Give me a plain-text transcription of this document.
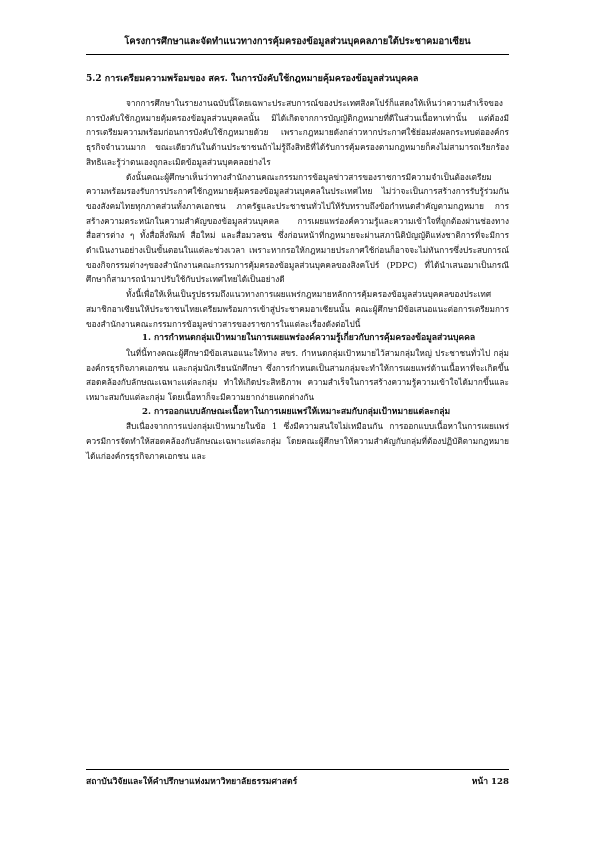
โครงการศึกษาและจัดทำแนวทางการคุ้มครองข้อมูลส่วนบุคคลภายใต้ประชาคมอาเซียน
5.2 การเตรียมความพร้อมของ สคร. ในการบังคับใช้กฎหมายคุ้มครองข้อมูลส่วนบุคคล

จากการศึกษาในรายงานฉบับนี้โดยเฉพาะประสบการณ์ของประเทศสิงคโปร์ก็แสดงให้เห็นว่าความสำเร็จของการบังคับใช้กฎหมายคุ้มครองข้อมูลส่วนบุคคลนั้น มิได้เกิดจากการบัญญัติกฎหมายที่ดีในส่วนเนื้อหาเท่านั้น แต่ต้องมีการเตรียมความพร้อมก่อนการบังคับใช้กฎหมายด้วย เพราะกฎหมายดังกล่าวหากประกาศใช้ย่อมส่งผลกระทบต่อองค์กรธุรกิจจำนวนมาก ขณะเดียวกันในด้านประชาชนถ้าไม่รู้ถึงสิทธิที่ได้รับการคุ้มครองตามกฎหมายก็คงไม่สามารถเรียกร้องสิทธิและรู้ว่าตนเองถูกละเมิดข้อมูลส่วนบุคคลอย่างไร

ดังนั้นคณะผู้ศึกษาเห็นว่าทางสำนักงานคณะกรรมการข้อมูลข่าวสารของราชการมีความจำเป็นต้องเตรียมความพร้อมรองรับการประกาศใช้กฎหมายคุ้มครองข้อมูลส่วนบุคคลในประเทศไทย ไม่ว่าจะเป็นการสร้างการรับรู้ร่วมกันของสังคมไทยทุกภาคส่วนทั้งภาคเอกชน ภาครัฐและประชาชนทั่วไปให้รับทราบถึงข้อกำหนดสำคัญตามกฎหมาย การสร้างความตระหนักในความสำคัญของข้อมูลส่วนบุคคล การเผยแพร่องค์ความรู้และความเข้าใจที่ถูกต้องผ่านช่องทางสื่อสารต่าง ๆ ทั้งสื่อสิ่งพิมพ์ สื่อใหม่ และสื่อมวลชน ซึ่งก่อนหน้าที่กฎหมายจะผ่านสภานิติบัญญัติแห่งชาติการที่จะมีการดำเนินงานอย่างเป็นขั้นตอนในแต่ละช่วงเวลา เพราะหากรอให้กฎหมายประกาศใช้ก่อนก็อาจจะไม่ทันการซึ่งประสบการณ์ของกิจกรรมต่างๆของสำนักงานคณะกรรมการคุ้มครองข้อมูลส่วนบุคคลของสิงคโปร์ (PDPC) ที่ได้นำเสนอมาเป็นกรณีศึกษาก็สามารถนำมาปรับใช้กับประเทศไทยได้เป็นอย่างดี

ทั้งนี้เพื่อให้เห็นเป็นรูปธรรมถึงแนวทางการเผยแพร่กฎหมายหลักการคุ้มครองข้อมูลส่วนบุคคลของประเทศสมาชิกอาเซียนให้ประชาชนไทยเตรียมพร้อมการเข้าสู่ประชาคมอาเซียนนั้น คณะผู้ศึกษามีข้อเสนอแนะต่อการเตรียมการของสำนักงานคณะกรรมการข้อมูลข่าวสารของราชการในแต่ละเรื่องดังต่อไปนี้

1. การกำหนดกลุ่มเป้าหมายในการเผยแพร่องค์ความรู้เกี่ยวกับการคุ้มครองข้อมูลส่วนบุคคล

ในที่นี้ทางคณะผู้ศึกษามีข้อเสนอแนะให้ทาง สขร. กำหนดกลุ่มเป้าหมายไว้สามกลุ่มใหญ่ ประชาชนทั่วไป กลุ่มองค์กรธุรกิจภาคเอกชน และกลุ่มนักเรียนนักศึกษา ซึ่งการกำหนดเป็นสามกลุ่มจะทำให้การเผยแพร่ด้านเนื้อหาที่จะเกิดขึ้นสอดคล้องกับลักษณะเฉพาะแต่ละกลุ่ม ทำให้เกิดประสิทธิภาพ ความสำเร็จในการสร้างความรู้ความเข้าใจได้มากขึ้นและเหมาะสมกับแต่ละกลุ่ม โดยเนื้อหาก็จะมีความยากง่ายแตกต่างกัน

2. การออกแบบลักษณะเนื้อหาในการเผยแพร่ให้เหมาะสมกับกลุ่มเป้าหมายแต่ละกลุ่ม

สืบเนื่องจากการแบ่งกลุ่มเป้าหมายในข้อ 1 ซึ่งมีความสนใจไม่เหมือนกัน การออกแบบเนื้อหาในการเผยแพร่ควรมีการจัดทำให้สอดคล้องกับลักษณะเฉพาะแต่ละกลุ่ม โดยคณะผู้ศึกษาให้ความสำคัญกับกลุ่มที่ต้องปฏิบัติตามกฎหมายได้แก่องค์กรธุรกิจภาคเอกชน และ

สถาบันวิจัยและให้คำปรึกษาแห่งมหาวิทยาลัยธรรมศาสตร์	หน้า 128
